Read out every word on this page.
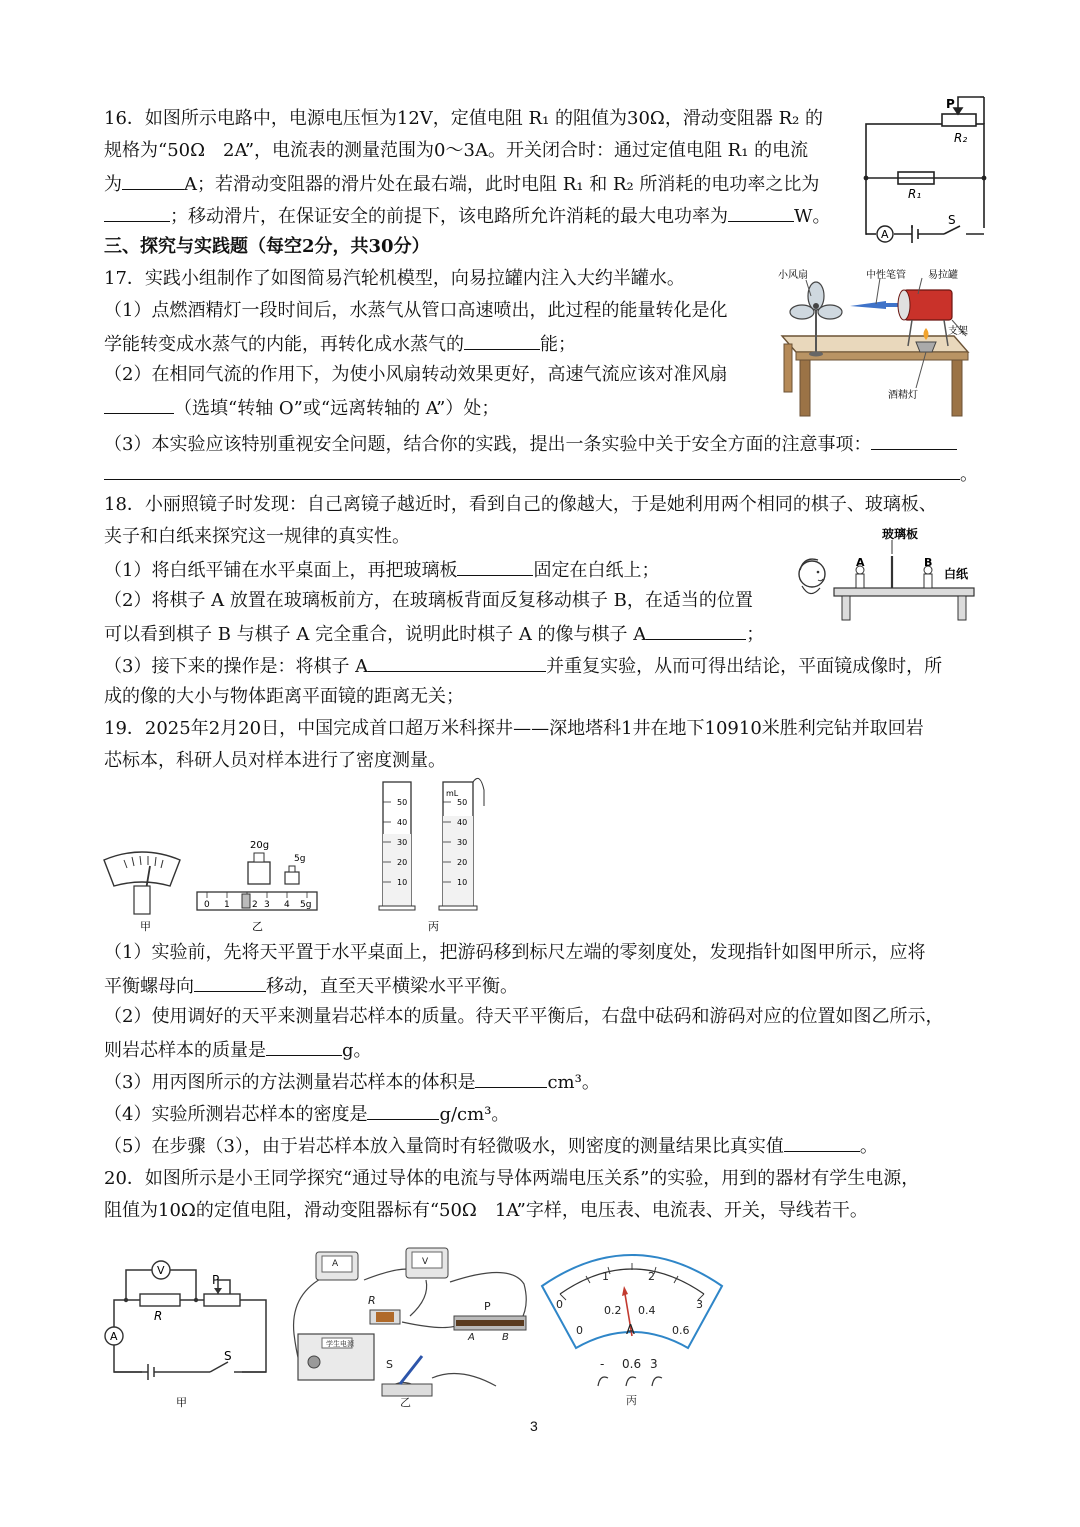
16．如图所示电路中，电源电压恒为12V，定值电阻 R₁ 的阻值为30Ω，滑动变阻器 R₂ 的
规格为“50Ω　2A”，电流表的测量范围为0～3A。开关闭合时：通过定值电阻 R₁ 的电流
为	A；若滑动变阻器的滑片处在最右端，此时电阻 R₁ 和 R₂ 所消耗的电功率之比为
；移动滑片，在保证安全的前提下，该电路所允许消耗的最大电功率为	W。
P
R₂
R₁
A
S
三、探究与实践题（每空2分，共30分）
17．实践小组制作了如图简易汽轮机模型，向易拉罐内注入大约半罐水。
（1）点燃酒精灯一段时间后，水蒸气从管口高速喷出，此过程的能量转化是化
学能转变成水蒸气的内能，再转化成水蒸气的	能；
（2）在相同气流的作用下，为使小风扇转动效果更好，高速气流应该对准风扇
（选填“转轴 O”或“远离转轴的 A”）处；
（3）本实验应该特别重视安全问题，结合你的实践，提出一条实验中关于安全方面的注意事项：
。
小风扇	中性笔管 易拉罐
支架
酒精灯
18．小丽照镜子时发现：自己离镜子越近时，看到自己的像越大，于是她利用两个相同的棋子、玻璃板、
夹子和白纸来探究这一规律的真实性。
（1）将白纸平铺在水平桌面上，再把玻璃板	固定在白纸上；
（2）将棋子 A 放置在玻璃板前方，在玻璃板背面反复移动棋子 B，在适当的位置
可以看到棋子 B 与棋子 A 完全重合，说明此时棋子 A 的像与棋子 A	；
（3）接下来的操作是：将棋子 A	并重复实验，从而可得出结论，平面镜成像时，所
成的像的大小与物体距离平面镜的距离无关；
玻璃板
A	B
白纸
19．2025年2月20日，中国完成首口超万米科探井——深地塔科1井在地下10910米胜利完钻并取回岩
芯标本，科研人员对样本进行了密度测量。
甲
20g
5g
0 1 2 3 4 5g
乙
50
40
30
20
10
50
40
30
20
10
mL
丙
（1）实验前，先将天平置于水平桌面上，把游码移到标尺左端的零刻度处，发现指针如图甲所示，应将
平衡螺母向	移动，直至天平横梁水平平衡。
（2）使用调好的天平来测量岩芯样本的质量。待天平平衡后，右盘中砝码和游码对应的位置如图乙所示，
则岩芯样本的质量是	g。
（3）用丙图所示的方法测量岩芯样本的体积是	cm³。
（4）实验所测岩芯样本的密度是	g/cm³。
（5）在步骤（3），由于岩芯样本放入量筒时有轻微吸水，则密度的测量结果比真实值	。
20．如图所示是小王同学探究“通过导体的电流与导体两端电压关系”的实验，用到的器材有学生电源，
阻值为10Ω的定值电阻，滑动变阻器标有“50Ω　1A”字样，电压表、电流表、开关，导线若干。
V
A
R
P
S
甲
R	P
A	B
S
学生电源
A	V
乙
0
1	2
3
0
0.2 0.4
0.6
A
- 0.6 3
丙
3
